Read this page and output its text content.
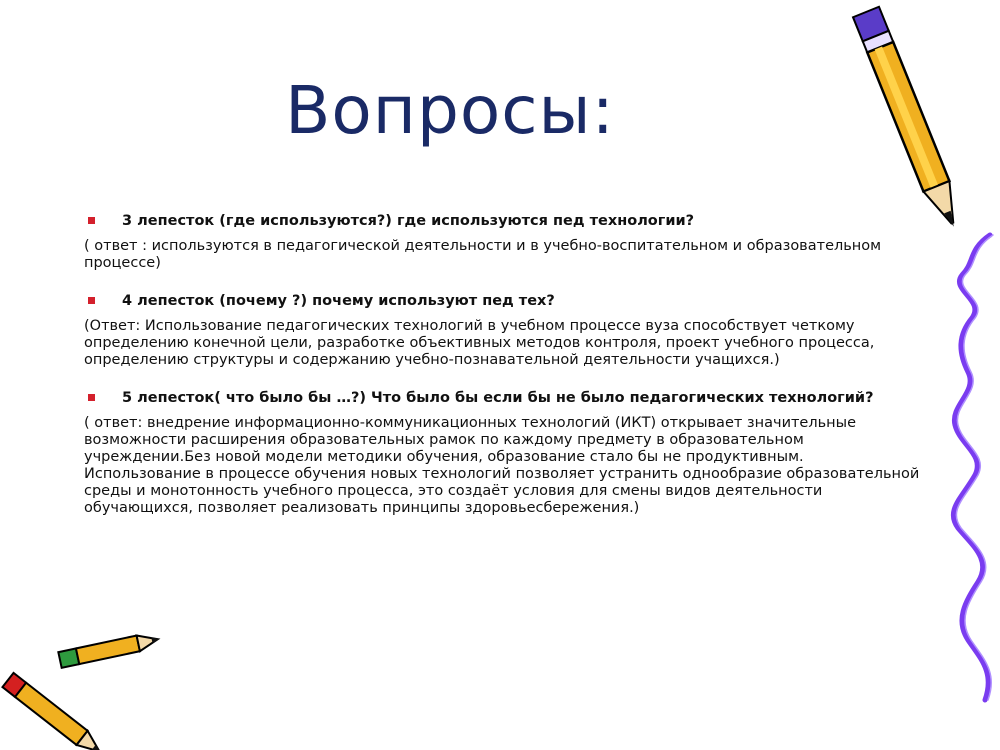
Вопросы:
3 лепесток (где используются?) где используются пед технологии?
( ответ : используются в педагогической деятельности и в учебно-воспитательном и образовательном процессе)
4 лепесток (почему ?) почему используют пед тех?
(Ответ: Использование педагогических технологий в учебном процессе вуза способствует четкому определению конечной цели, разработке объективных методов контроля, проект учебного процесса, определению структуры и содержанию учебно-познавательной деятельности учащихся.)
5 лепесток( что было бы …?) Что было бы если бы не было педагогических технологий?
( ответ: внедрение информационно-коммуникационных технологий (ИКТ) открывает значительные возможности расширения образовательных рамок по каждому предмету в образовательном учреждении.Без новой модели методики обучения, образование стало бы не продуктивным. Использование в процессе обучения новых технологий позволяет устранить однообразие образовательной среды и монотонность учебного процесса, это создаёт условия для смены видов деятельности обучающихся, позволяет реализовать принципы здоровьесбережения.)
